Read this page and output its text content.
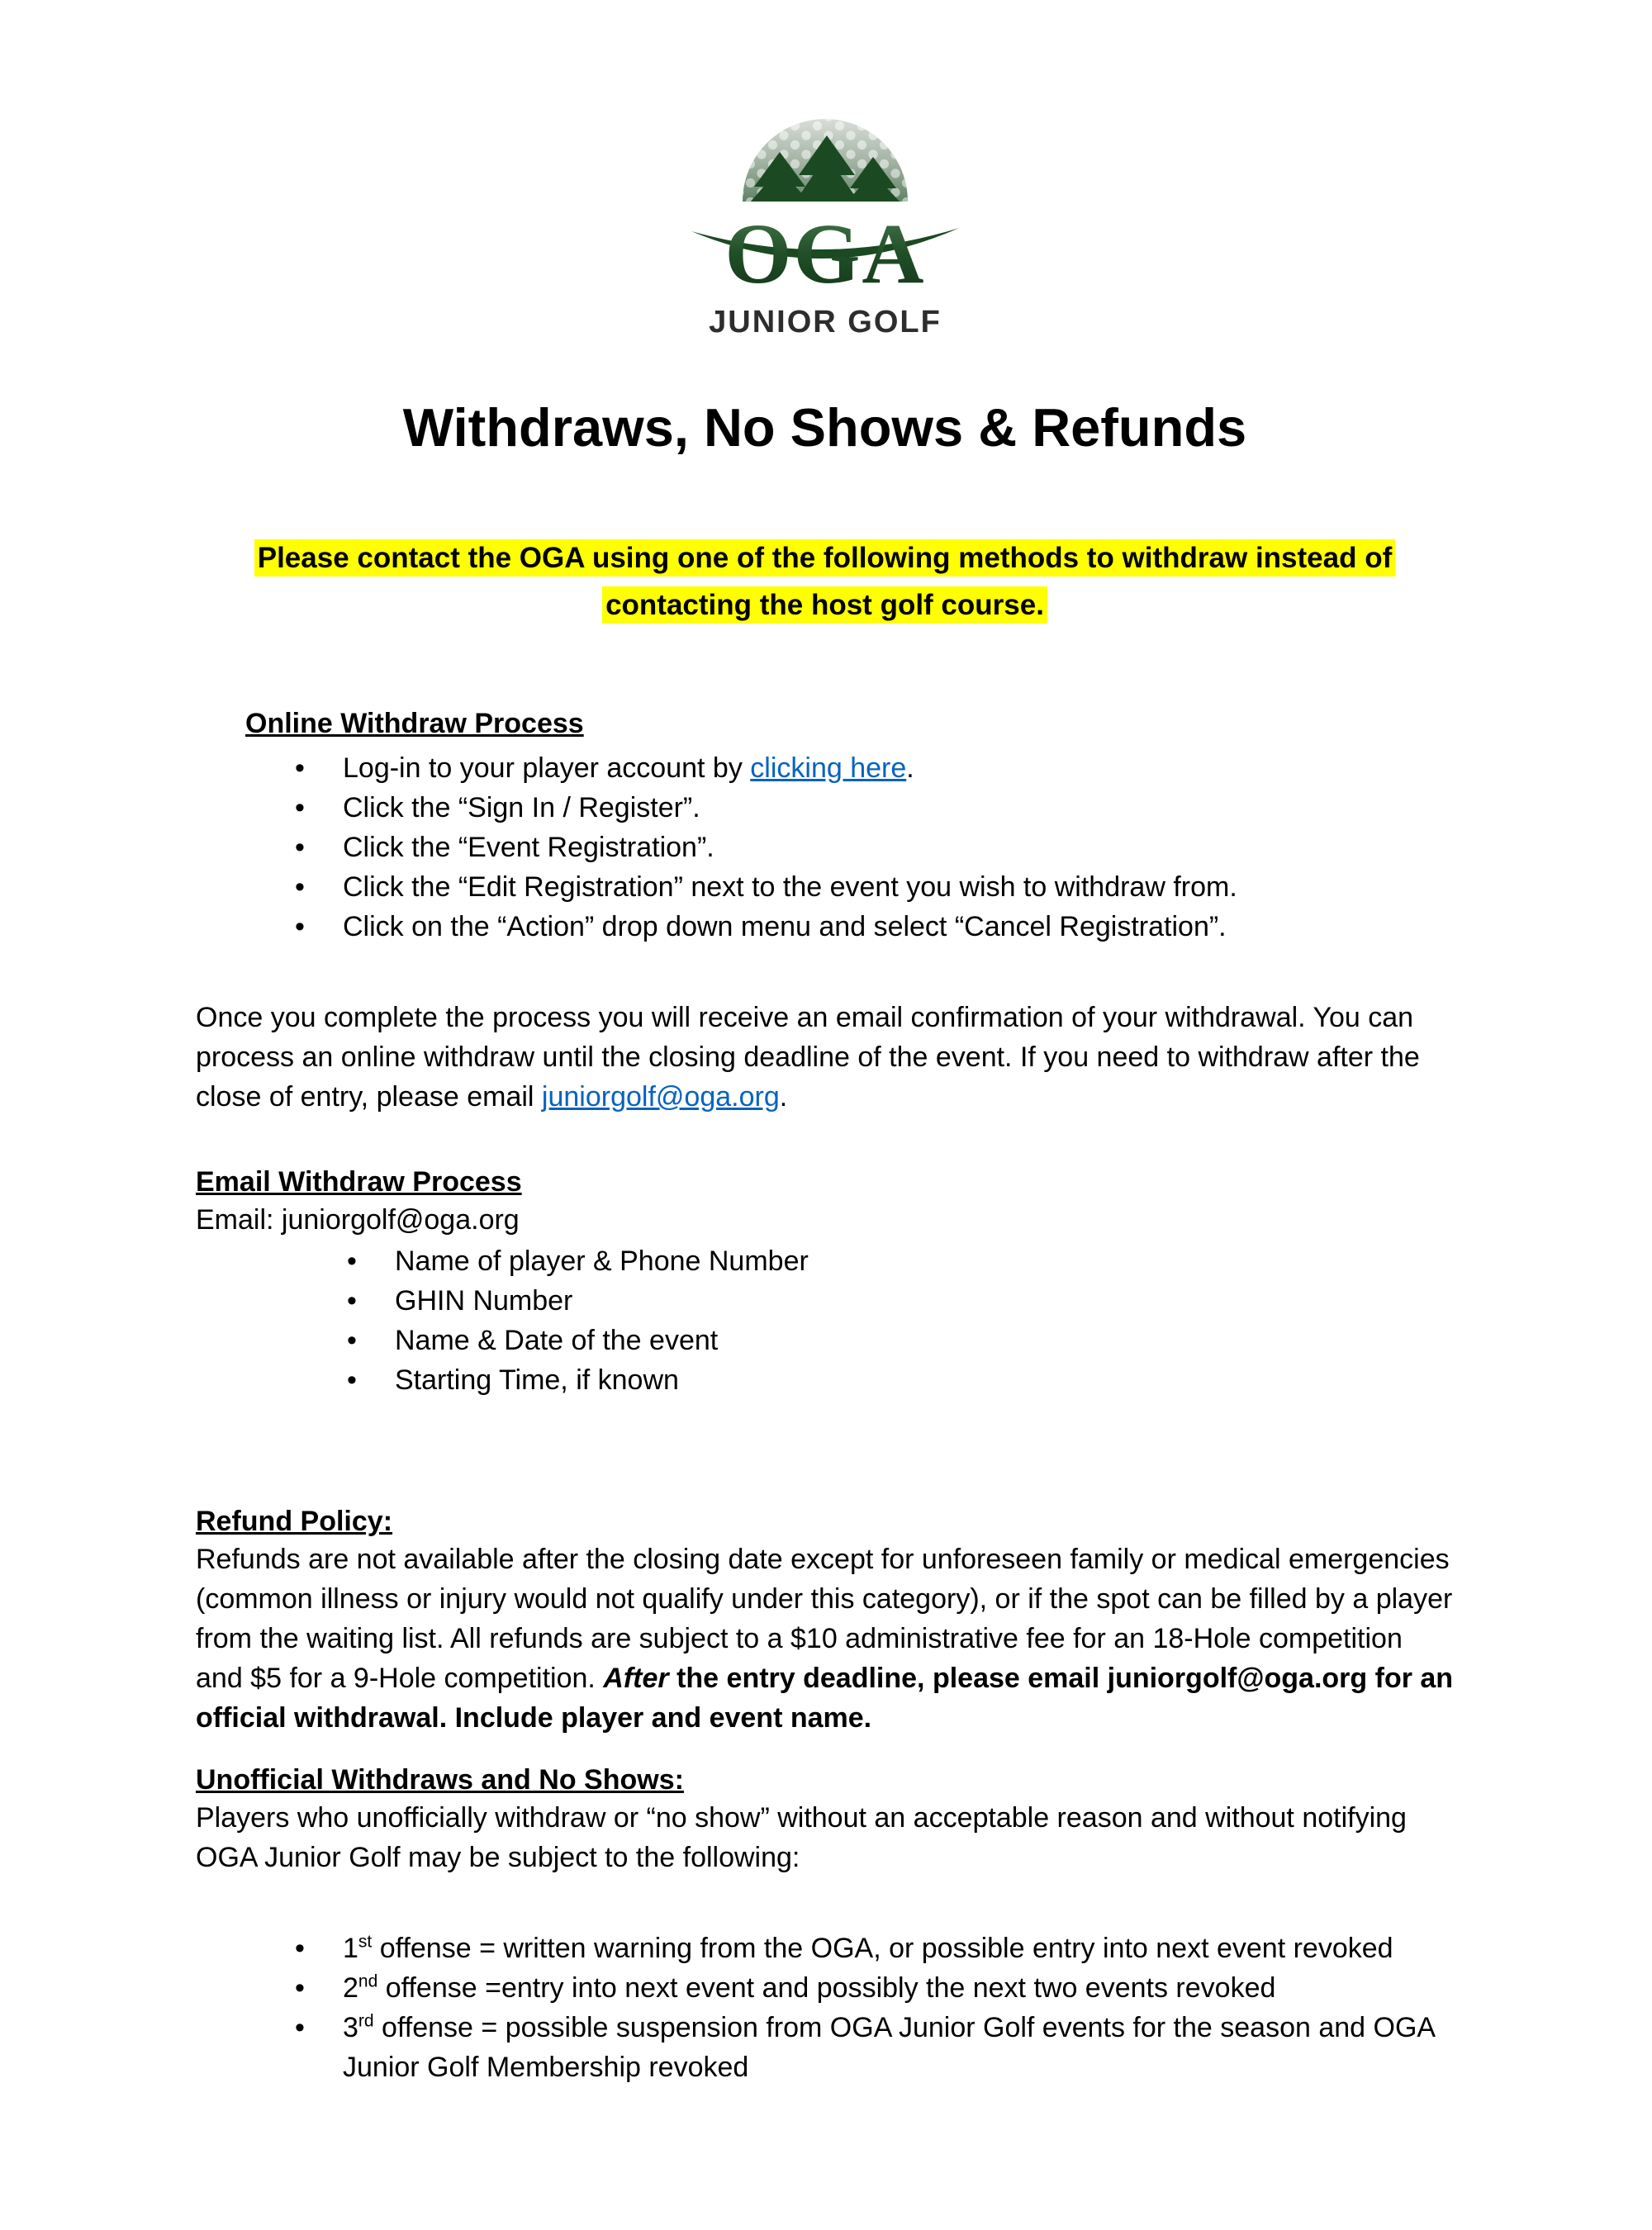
OGA
JUNIOR GOLF
Withdraws, No Shows & Refunds

Please contact the OGA using one of the following methods to withdraw instead of contacting the host golf course.

Online Withdraw Process
• Log-in to your player account by clicking here.
• Click the “Sign In / Register”.
• Click the “Event Registration”.
• Click the “Edit Registration” next to the event you wish to withdraw from.
• Click on the “Action” drop down menu and select “Cancel Registration”.

Once you complete the process you will receive an email confirmation of your withdrawal. You can process an online withdraw until the closing deadline of the event. If you need to withdraw after the close of entry, please email juniorgolf@oga.org.

Email Withdraw Process

Email: juniorgolf@oga.org

• Name of player & Phone Number
• GHIN Number
• Name & Date of the event
• Starting Time, if known
Refund Policy:

Refunds are not available after the closing date except for unforeseen family or medical emergencies (common illness or injury would not qualify under this category), or if the spot can be filled by a player from the waiting list. All refunds are subject to a $10 administrative fee for an 18-Hole competition and $5 for a 9-Hole competition. After the entry deadline, please email juniorgolf@oga.org for an official withdrawal. Include player and event name.

Unofficial Withdraws and No Shows:

Players who unofficially withdraw or “no show” without an acceptable reason and without notifying OGA Junior Golf may be subject to the following:

• 1st offense = written warning from the OGA, or possible entry into next event revoked
• 2nd offense =entry into next event and possibly the next two events revoked
• 3rd offense = possible suspension from OGA Junior Golf events for the season and OGA Junior Golf Membership revoked
